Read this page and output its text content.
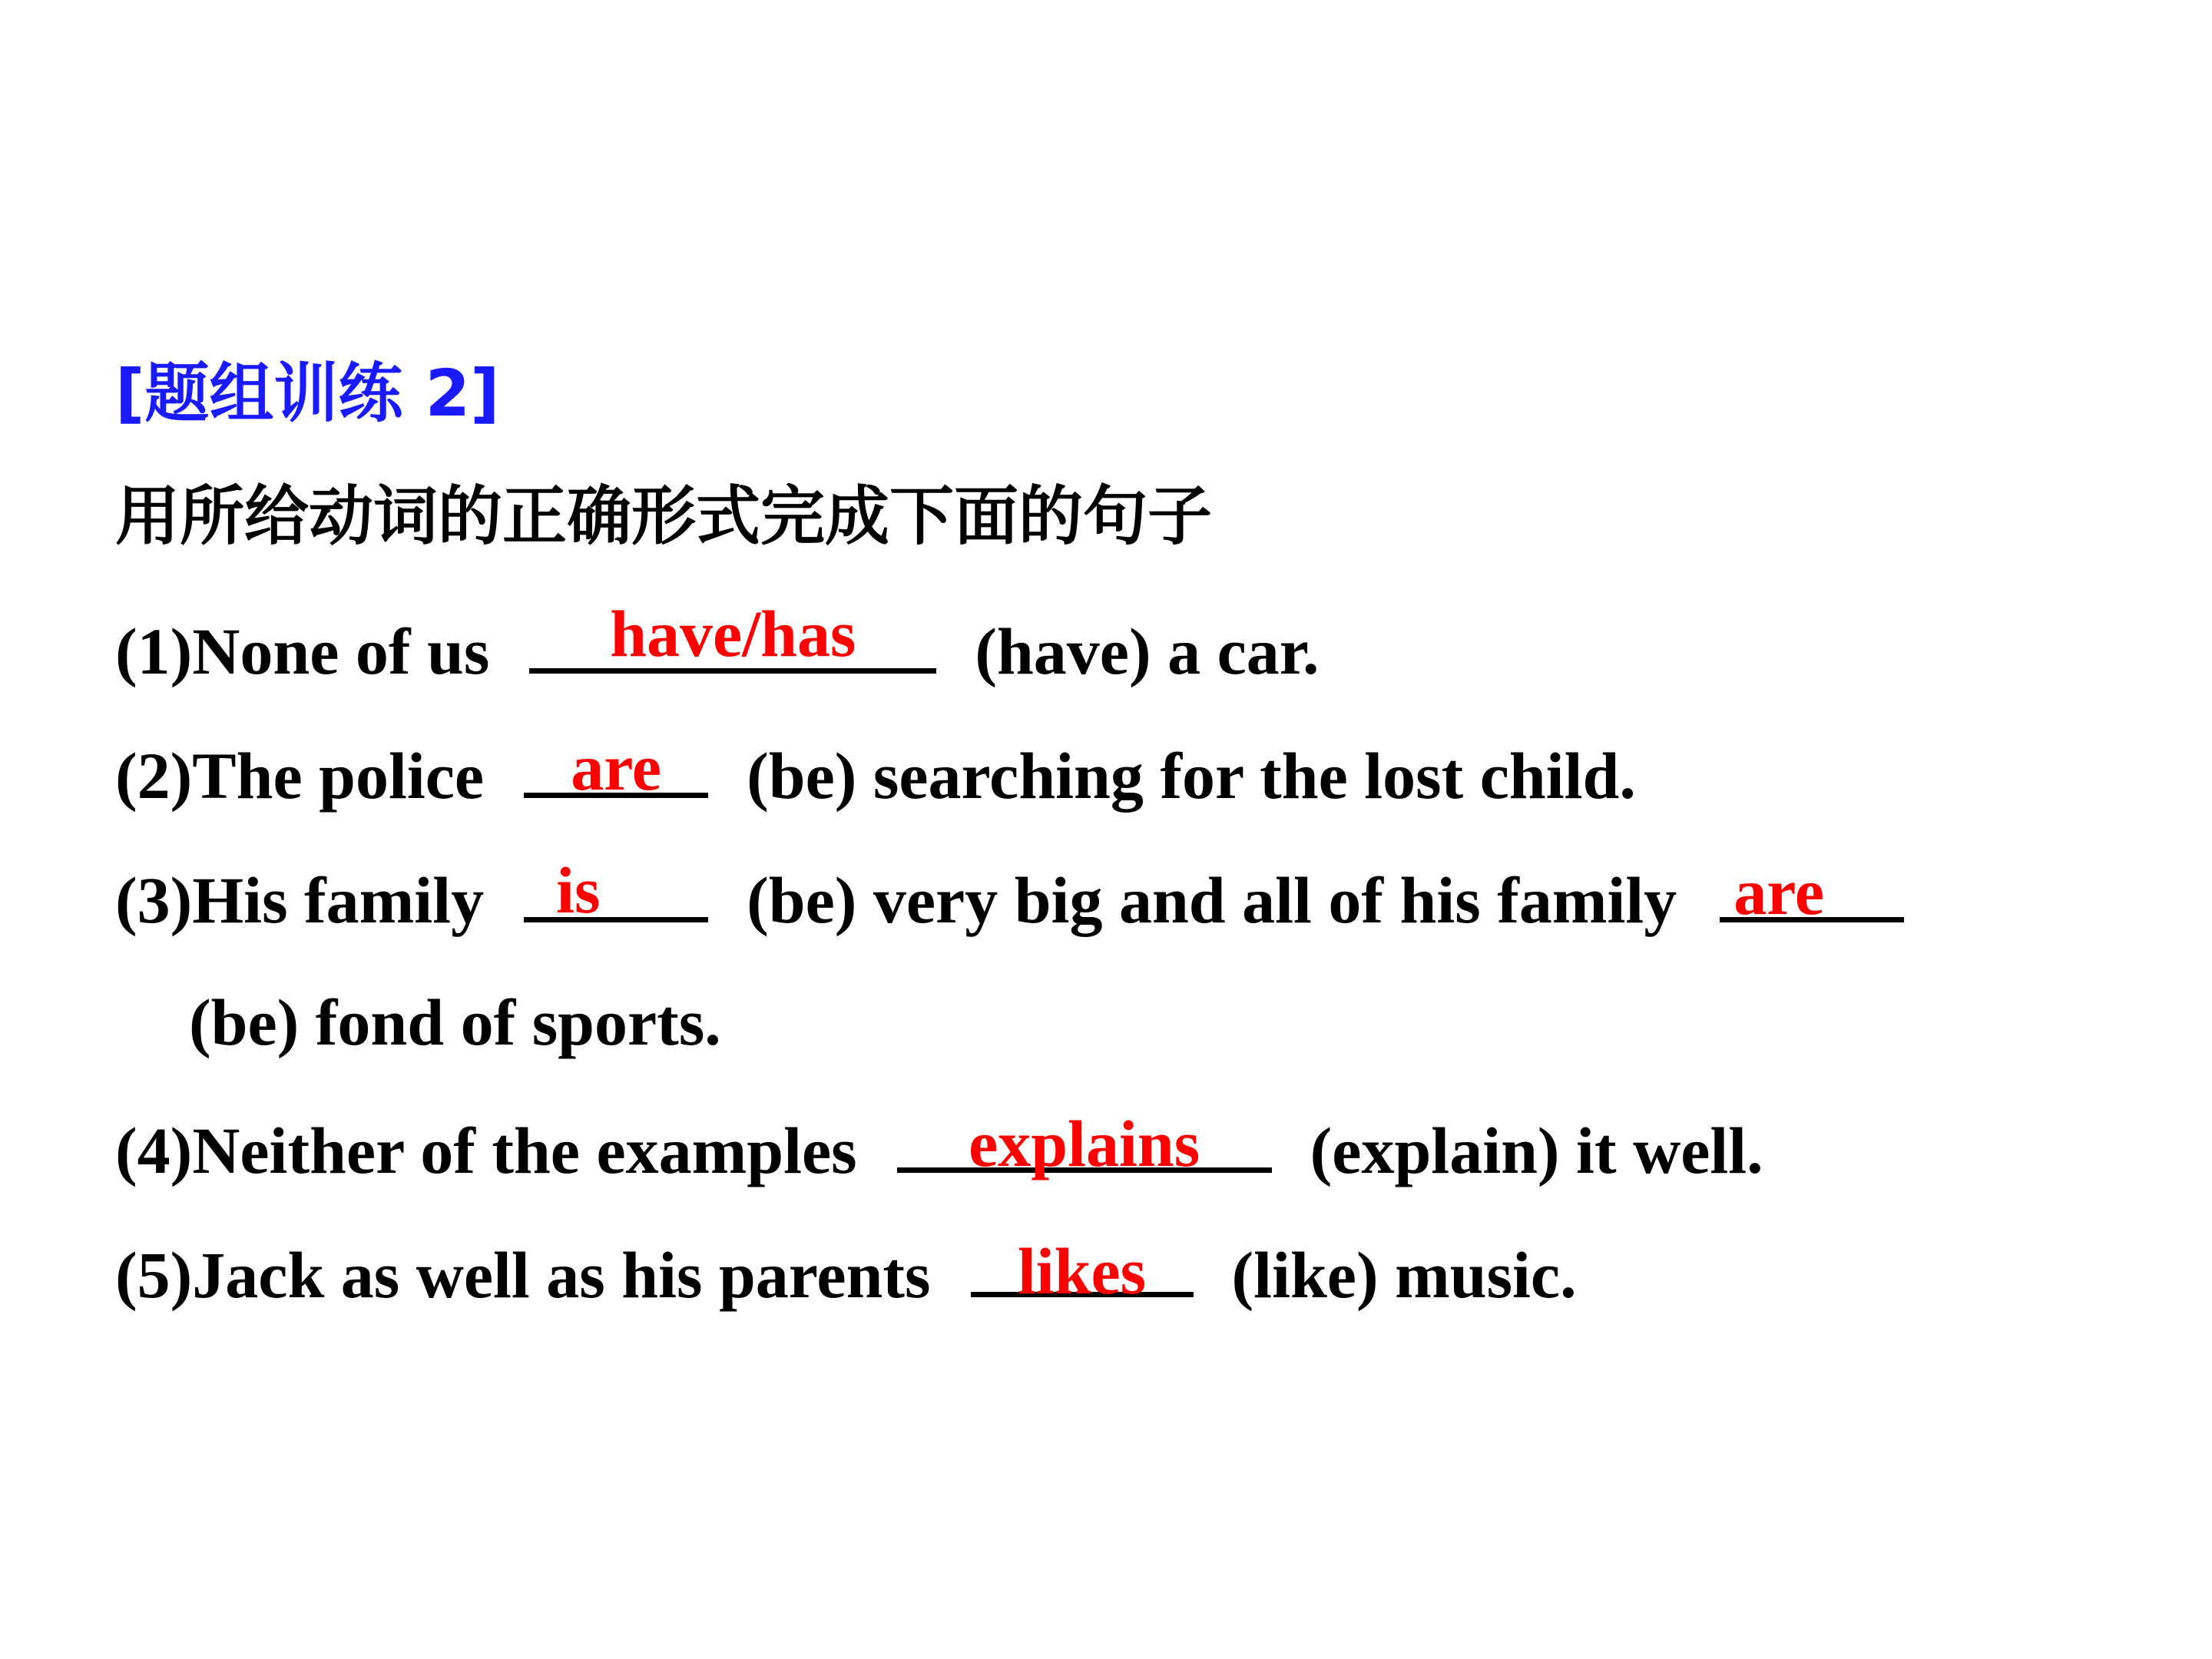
[题组训练 2]
用所给动词的正确形式完成下面的句子
(1)None of us	have/has	(have) a car.
(2)The police	are	(be) searching for the lost child.
(3)His family is	(be) very big and all of his family are
(be) fond of sports.
(4)Neither of the examples	explains	(explain) it well.
(5)Jack as well as his parents	likes	(like) music.
